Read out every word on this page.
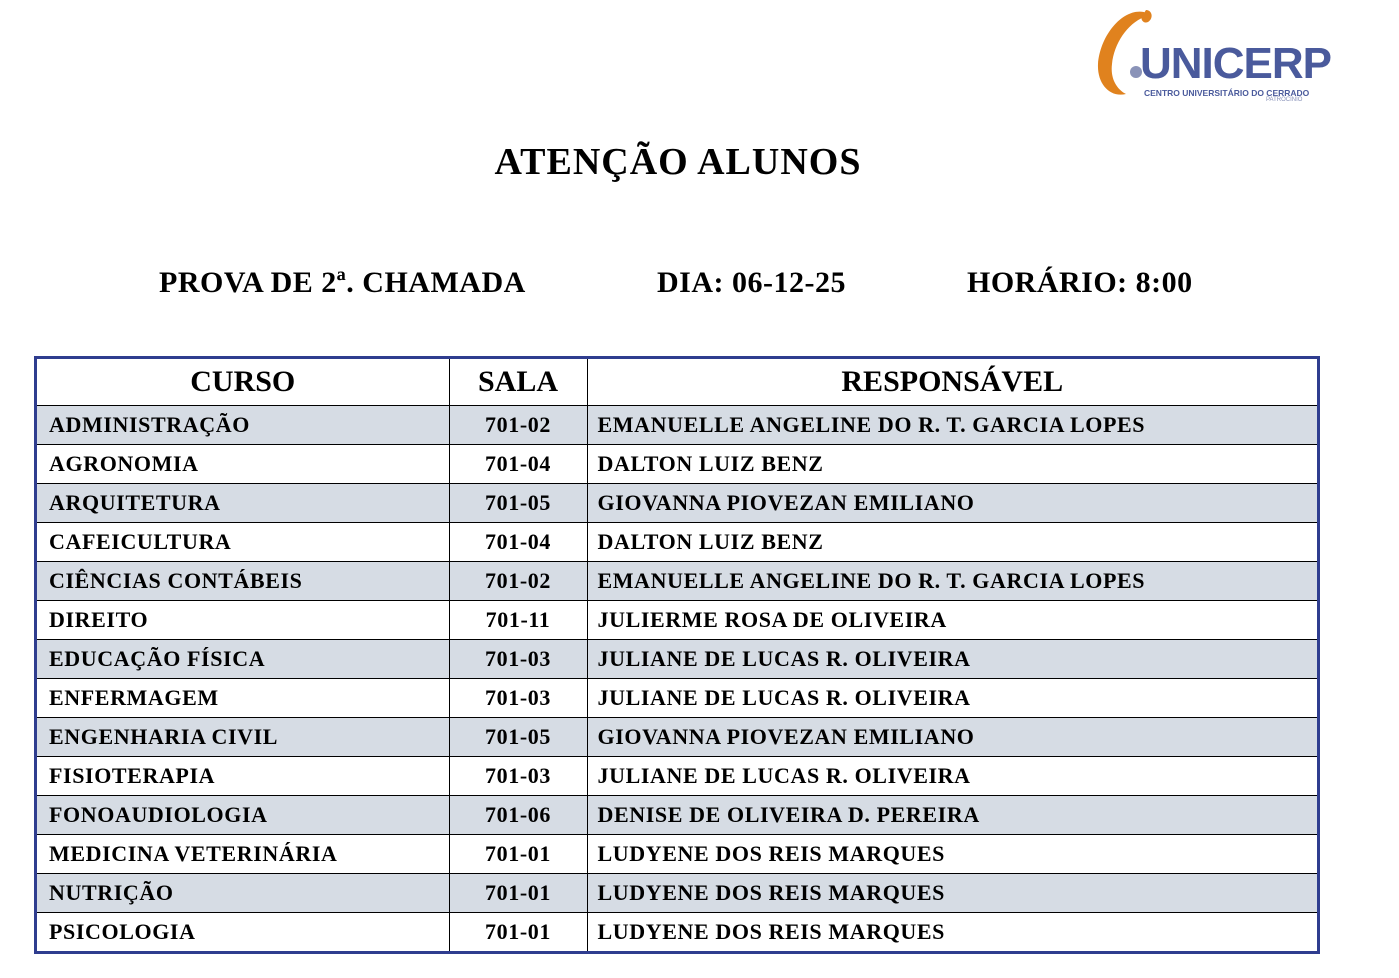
UNICERP
CENTRO UNIVERSITÁRIO DO CERRADO
PATROCÍNIO
ATENÇÃO ALUNOS
PROVA DE 2ª. CHAMADA	DIA: 06-12-25	HORÁRIO: 8:00
CURSO	SALA	RESPONSÁVEL
ADMINISTRAÇÃO	701-02	EMANUELLE ANGELINE DO R. T. GARCIA LOPES
AGRONOMIA	701-04	DALTON LUIZ BENZ
ARQUITETURA	701-05	GIOVANNA PIOVEZAN EMILIANO
CAFEICULTURA	701-04	DALTON LUIZ BENZ
CIÊNCIAS CONTÁBEIS	701-02	EMANUELLE ANGELINE DO R. T. GARCIA LOPES
DIREITO	701-11	JULIERME ROSA DE OLIVEIRA
EDUCAÇÃO FÍSICA	701-03	JULIANE DE LUCAS R. OLIVEIRA
ENFERMAGEM	701-03	JULIANE DE LUCAS R. OLIVEIRA
ENGENHARIA CIVIL	701-05	GIOVANNA PIOVEZAN EMILIANO
FISIOTERAPIA	701-03	JULIANE DE LUCAS R. OLIVEIRA
FONOAUDIOLOGIA	701-06	DENISE DE OLIVEIRA D. PEREIRA
MEDICINA VETERINÁRIA	701-01	LUDYENE DOS REIS MARQUES
NUTRIÇÃO	701-01	LUDYENE DOS REIS MARQUES
PSICOLOGIA	701-01	LUDYENE DOS REIS MARQUES
